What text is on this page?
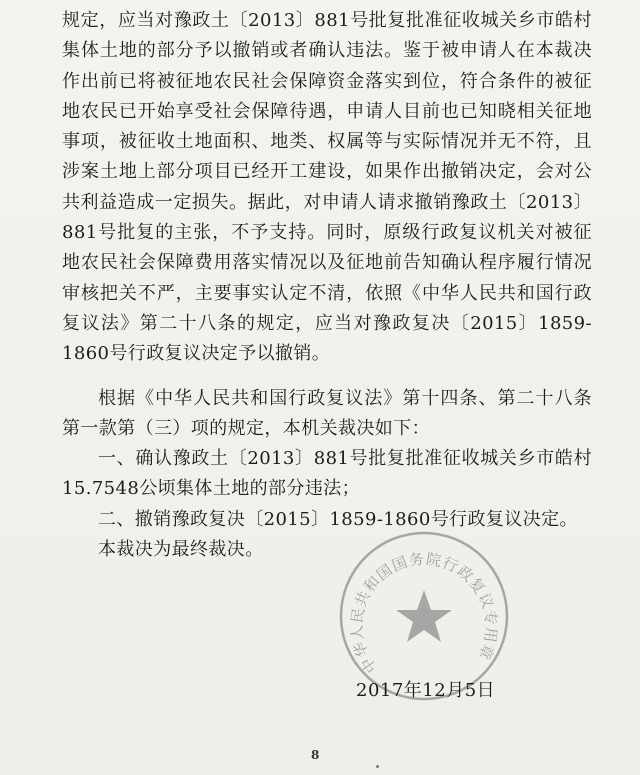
规定，应当对豫政土〔2013〕881号批复批准征收城关乡市皓村集体土地的部分予以撤销或者确认违法。鉴于被申请人在本裁决作出前已将被征地农民社会保障资金落实到位，符合条件的被征地农民已开始享受社会保障待遇，申请人目前也已知晓相关征地事项，被征收土地面积、地类、权属等与实际情况并无不符，且涉案土地上部分项目已经开工建设，如果作出撤销决定，会对公共利益造成一定损失。据此，对申请人请求撤销豫政土〔2013〕881号批复的主张，不予支持。同时，原级行政复议机关对被征地农民社会保障费用落实情况以及征地前告知确认程序履行情况审核把关不严，主要事实认定不清，依照《中华人民共和国行政复议法》第二十八条的规定，应当对豫政复决〔2015〕1859-1860号行政复议决定予以撤销。

根据《中华人民共和国行政复议法》第十四条、第二十八条第一款第（三）项的规定，本机关裁决如下：

一、确认豫政土〔2013〕881号批复批准征收城关乡市皓村15.7548公顷集体土地的部分违法；

二、撤销豫政复决〔2015〕1859-1860号行政复议决定。

本裁决为最终裁决。

中华人民共和国国务院行政复议专用章
2017年12月5日
8
